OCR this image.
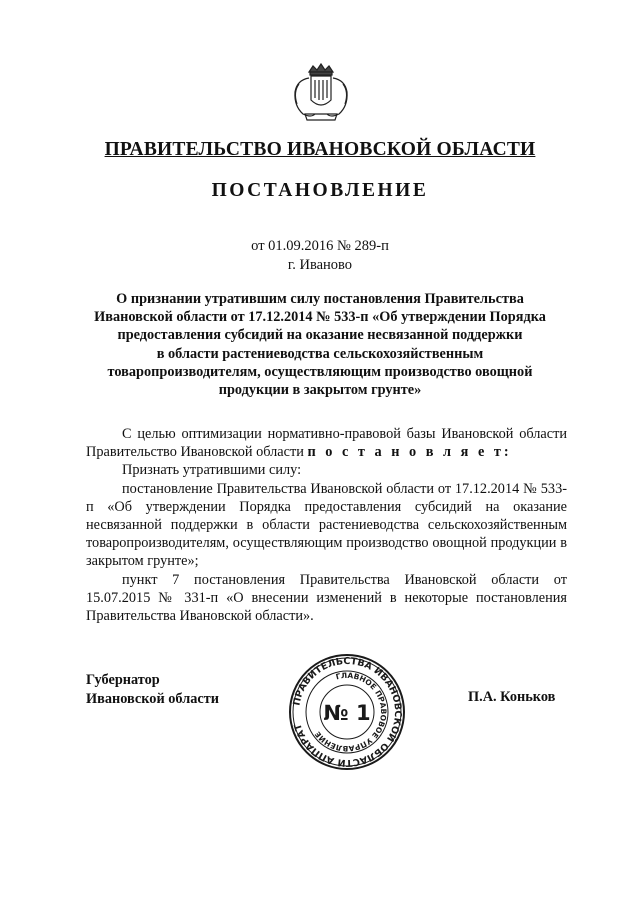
ПРАВИТЕЛЬСТВО ИВАНОВСКОЙ ОБЛАСТИ
ПОСТАНОВЛЕНИЕ
от 01.09.2016 № 289-п
г. Иваново
О признании утратившим силу постановления Правительства
Ивановской области от 17.12.2014 № 533-п «Об утверждении Порядка
предоставления субсидий на оказание несвязанной поддержки
в области растениеводства сельскохозяйственным
товаропроизводителям, осуществляющим производство овощной
продукции в закрытом грунте»

С целью оптимизации нормативно-правовой базы Ивановской области Правительство Ивановской области п о с т а н о в л я е т:

Признать утратившими силу:

постановление Правительства Ивановской области от 17.12.2014 № 533-п «Об утверждении Порядка предоставления субсидий на оказание несвязанной поддержки в области растениеводства сельскохозяйственным товаропроизводителям, осуществляющим производство овощной продукции в закрытом грунте»;

пункт 7 постановления Правительства Ивановской области от 15.07.2015 № 331-п «О внесении изменений в некоторые постановления Правительства Ивановской области».

Губернатор
Ивановской области	ПРАВИТЕЛЬСТВА ИВАНОВСКОЙ ОБЛАСТИ АППАРАТ
ГЛАВНОЕ ПРАВОВОЕ УПРАВЛЕНИЕ
№ 1
П.А. Коньков
